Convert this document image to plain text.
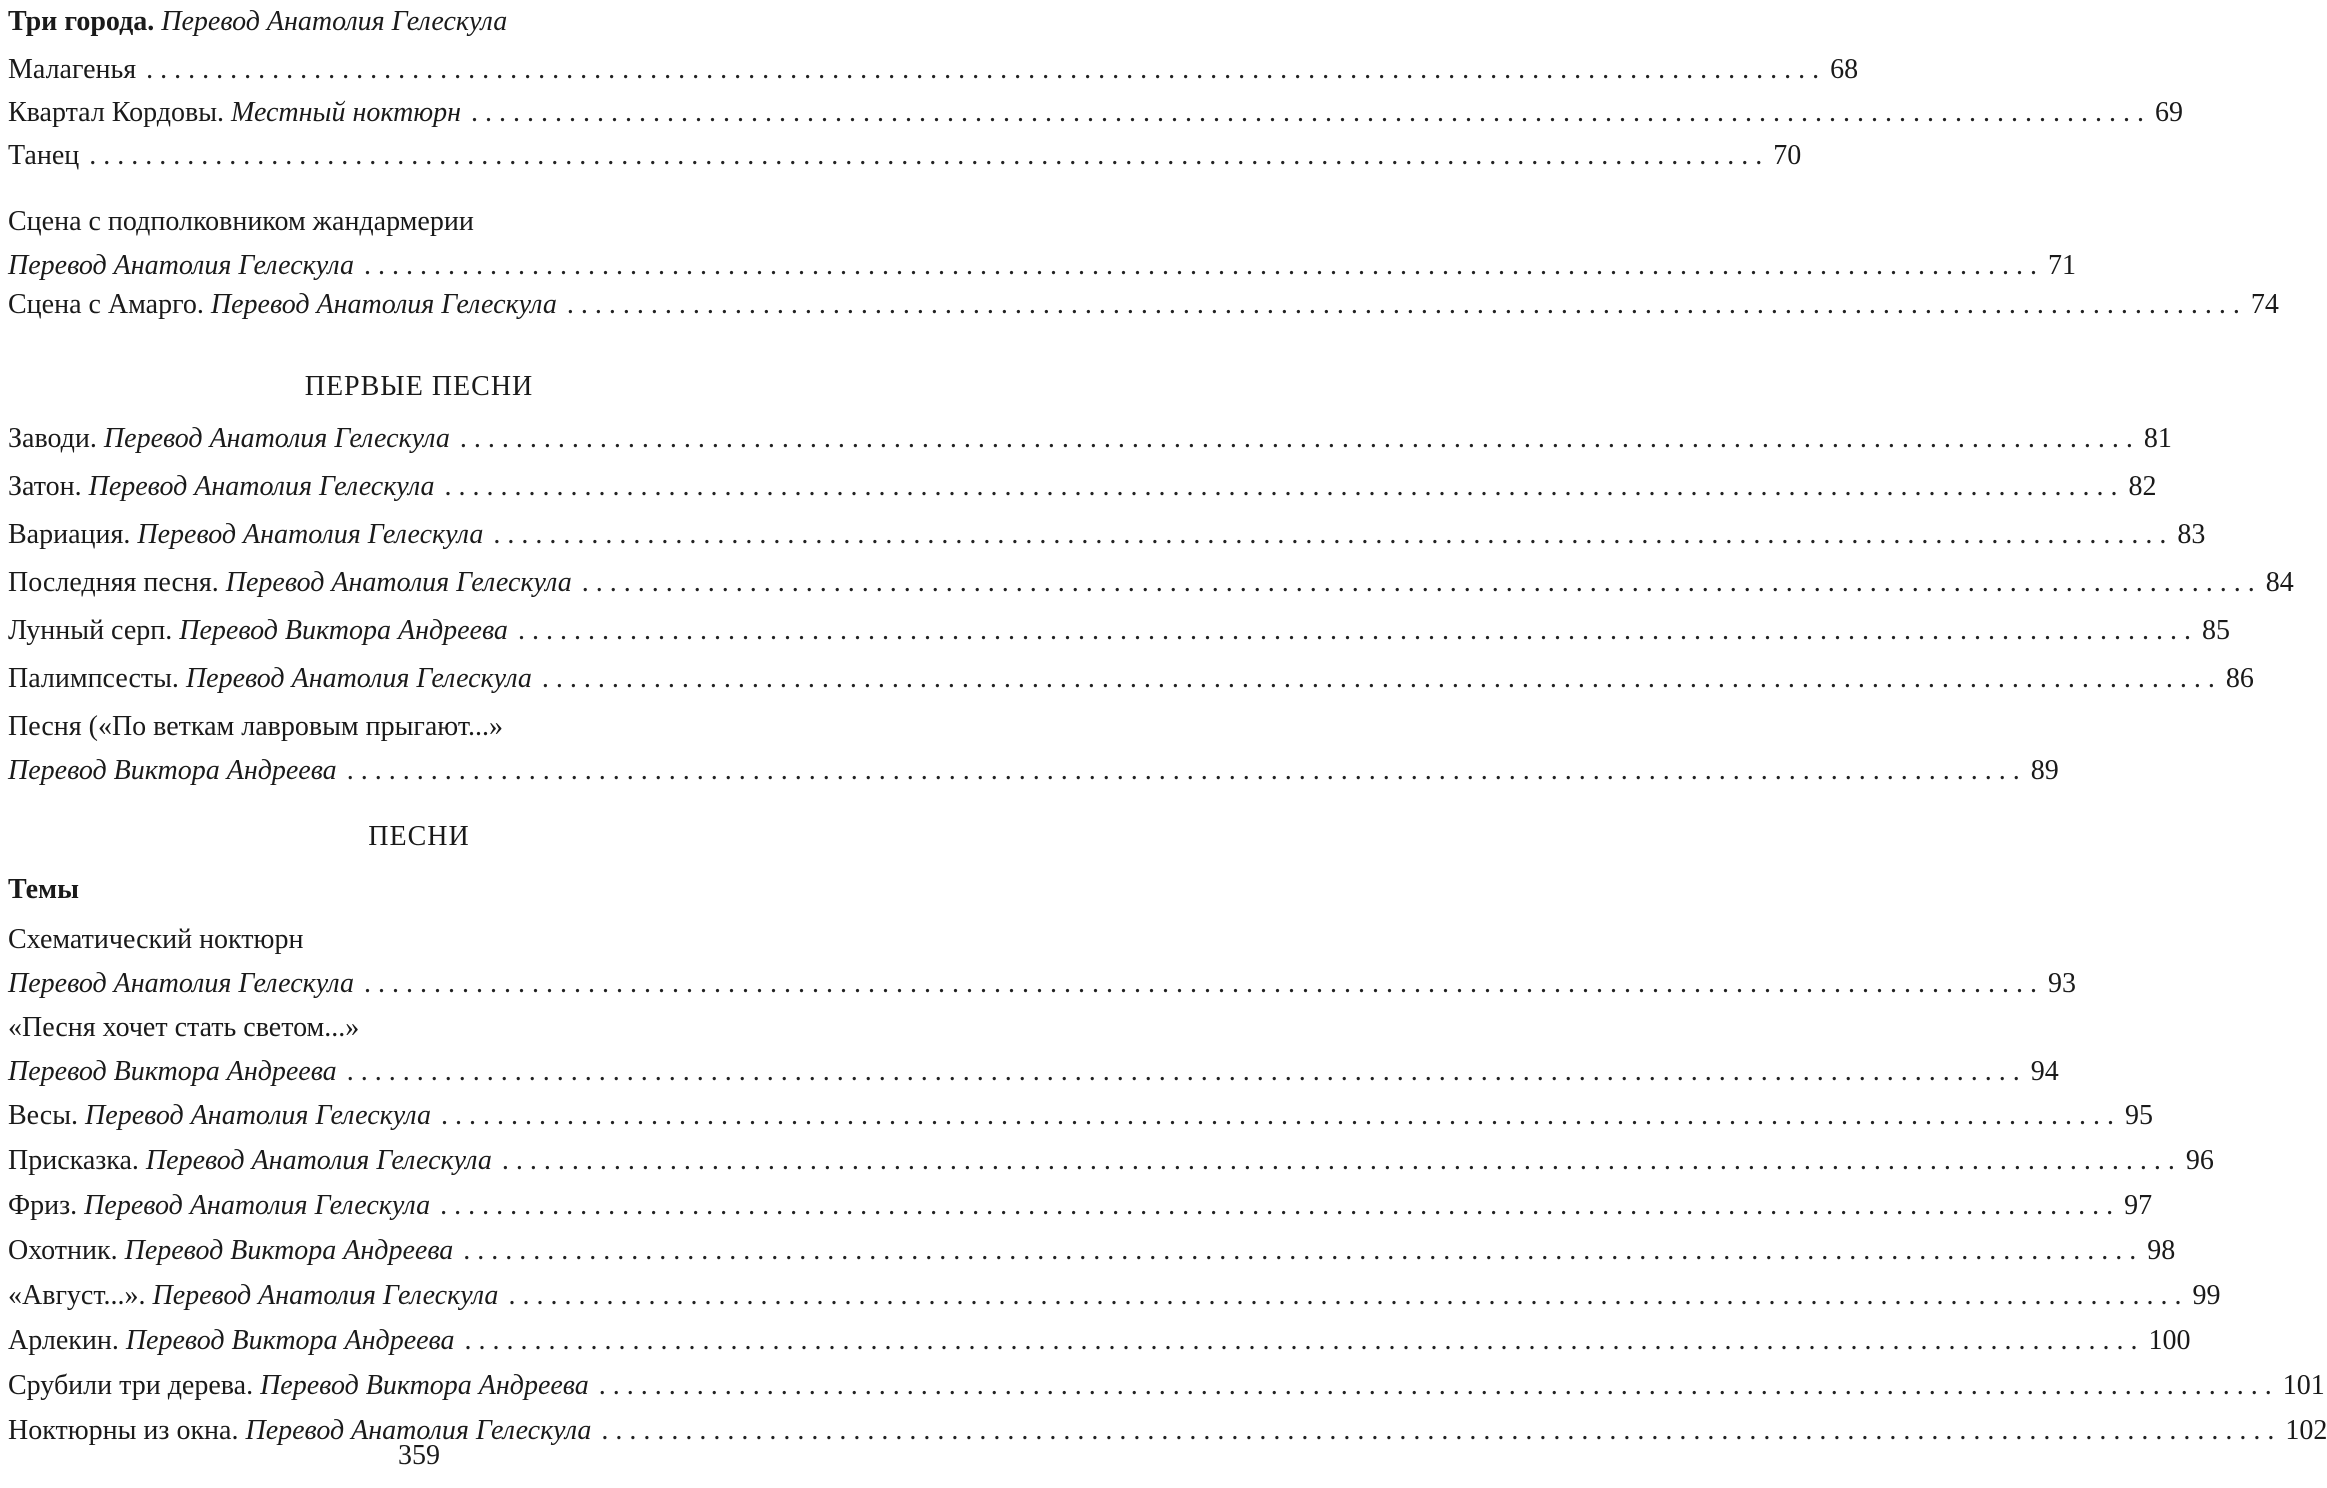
Три города. Перевод Анатолия Гелескула
Малагенья ........................................................................................................................ 68
Квартал Кордовы. Местный ноктюрн ........................................................................................................................ 69
Танец ........................................................................................................................ 70
Сцена с подполковником жандармерии
Перевод Анатолия Гелескула ........................................................................................................................ 71
Сцена с Амарго. Перевод Анатолия Гелескула ........................................................................................................................ 74
ПЕРВЫЕ ПЕСНИ
Заводи. Перевод Анатолия Гелескула ........................................................................................................................ 81
Затон. Перевод Анатолия Гелескула ........................................................................................................................ 82
Вариация. Перевод Анатолия Гелескула ........................................................................................................................ 83
Последняя песня. Перевод Анатолия Гелескула ........................................................................................................................ 84
Лунный серп. Перевод Виктора Андреева ........................................................................................................................ 85
Палимпсесты. Перевод Анатолия Гелескула ........................................................................................................................ 86
Песня («По веткам лавровым прыгают...»
Перевод Виктора Андреева ........................................................................................................................ 89
ПЕСНИ
Темы
Схематический ноктюрн
Перевод Анатолия Гелескула ........................................................................................................................ 93
«Песня хочет стать светом...»
Перевод Виктора Андреева ........................................................................................................................ 94
Весы. Перевод Анатолия Гелескула ........................................................................................................................ 95
Присказка. Перевод Анатолия Гелескула ........................................................................................................................ 96
Фриз. Перевод Анатолия Гелескула ........................................................................................................................ 97
Охотник. Перевод Виктора Андреева ........................................................................................................................ 98
«Август...». Перевод Анатолия Гелескула ........................................................................................................................ 99
Арлекин. Перевод Виктора Андреева ........................................................................................................................ 100
Срубили три дерева. Перевод Виктора Андреева ........................................................................................................................ 101
Ноктюрны из окна. Перевод Анатолия Гелескула ........................................................................................................................ 102
359
